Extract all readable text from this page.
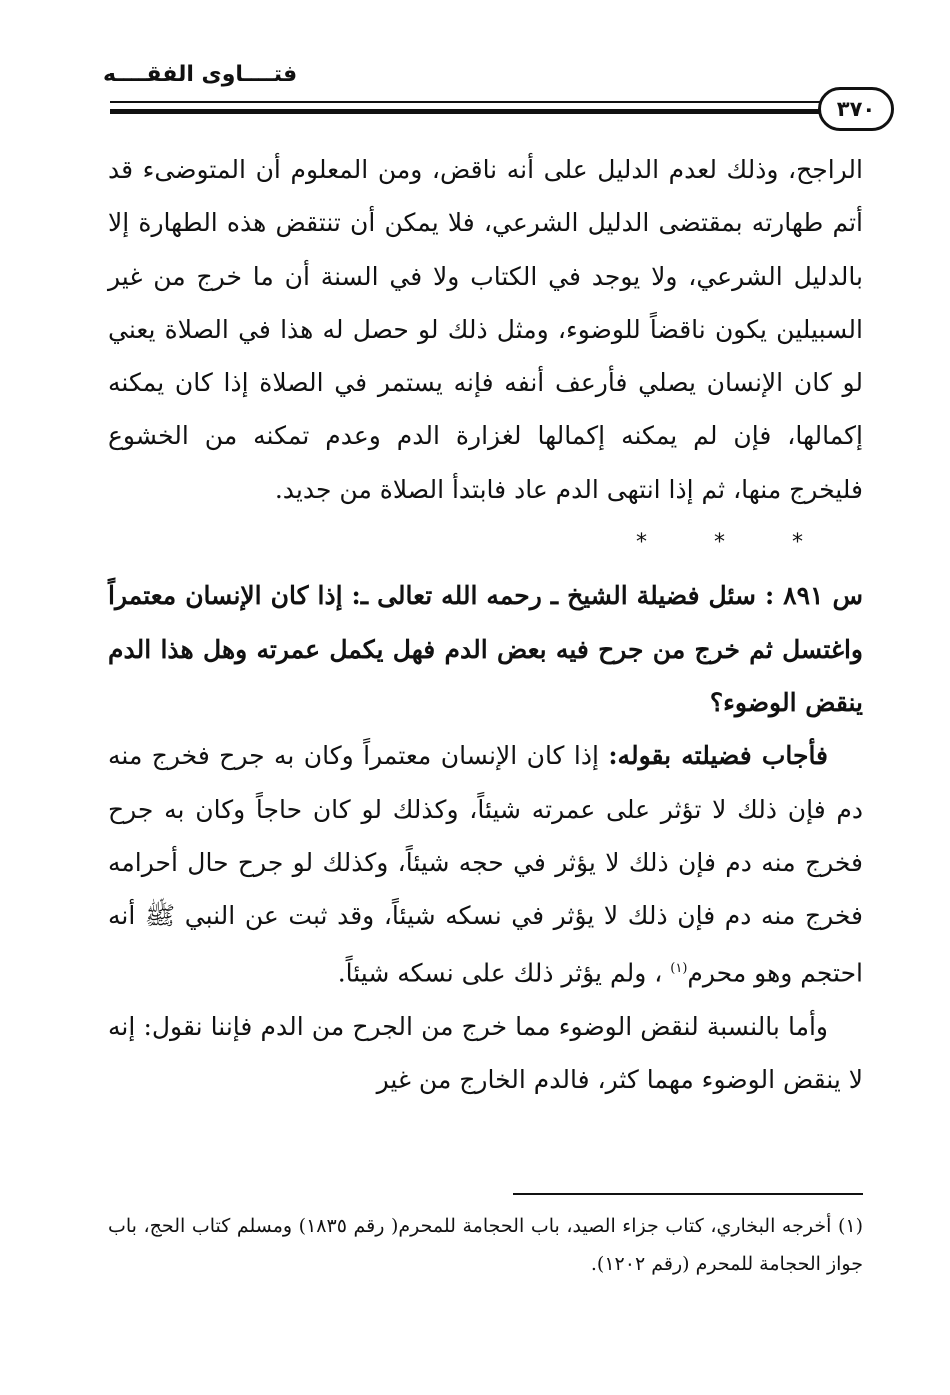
فتــــاوى الفقــــه
٣٧٠

الراجح، وذلك لعدم الدليل على أنه ناقض، ومن المعلوم أن المتوضىء قد أتم طهارته بمقتضى الدليل الشرعي، فلا يمكن أن تنتقض هذه الطهارة إلا بالدليل الشرعي، ولا يوجد في الكتاب ولا في السنة أن ما خرج من غير السبيلين يكون ناقضاً للوضوء، ومثل ذلك لو حصل له هذا في الصلاة يعني لو كان الإنسان يصلي فأرعف أنفه فإنه يستمر في الصلاة إذا كان يمكنه إكمالها، فإن لم يمكنه إكمالها لغزارة الدم وعدم تمكنه من الخشوع فليخرج منها، ثم إذا انتهى الدم عاد فابتدأ الصلاة من جديد.

* * *

س ٨٩١ : سئل فضيلة الشيخ ـ رحمه الله تعالى ـ: إذا كان الإنسان معتمراً واغتسل ثم خرج من جرح فيه بعض الدم فهل يكمل عمرته وهل هذا الدم ينقض الوضوء؟

فأجاب فضيلته بقوله: إذا كان الإنسان معتمراً وكان به جرح فخرج منه دم فإن ذلك لا تؤثر على عمرته شيئاً، وكذلك لو كان حاجاً وكان به جرح فخرج منه دم فإن ذلك لا يؤثر في حجه شيئاً، وكذلك لو جرح حال أحرامه فخرج منه دم فإن ذلك لا يؤثر في نسكه شيئاً، وقد ثبت عن النبي ﷺ أنه احتجم وهو محرم$^{(١)}$ ، ولم يؤثر ذلك على نسكه شيئاً.

وأما بالنسبة لنقض الوضوء مما خرج من الجرح من الدم فإننا نقول: إنه لا ينقض الوضوء مهما كثر، فالدم الخارج من غير

(١) أخرجه البخاري، كتاب جزاء الصيد، باب الحجامة للمحرم( رقم ١٨٣٥) ومسلم كتاب الحج، باب جواز الحجامة للمحرم (رقم ١٢٠٢).
